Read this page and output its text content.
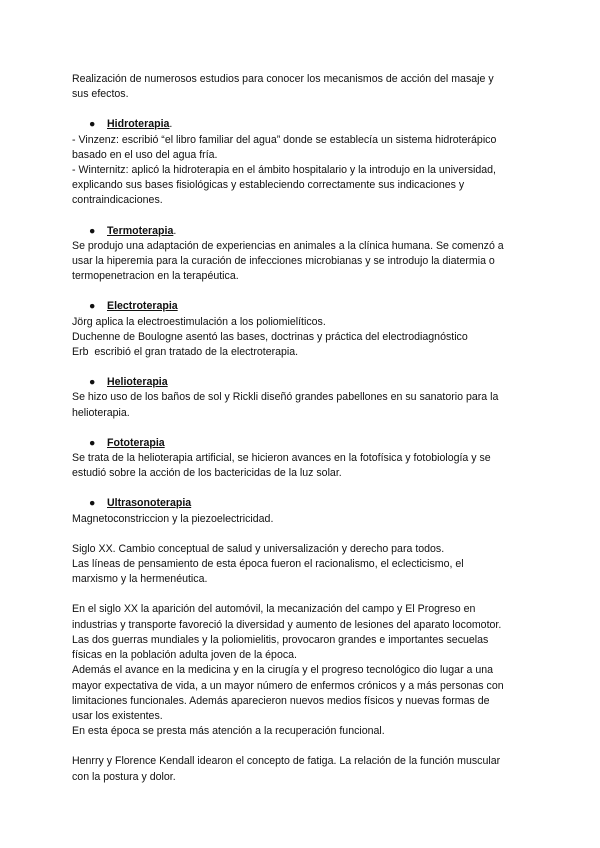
Realización de numerosos estudios para conocer los mecanismos de acción del masaje y
sus efectos.

● Hidroterapia.
- Vinzenz: escribió “el libro familiar del agua” donde se establecía un sistema hidroterápico
basado en el uso del agua fría.
- Winternitz: aplicó la hidroterapia en el ámbito hospitalario y la introdujo en la universidad,
explicando sus bases fisiológicas y estableciendo correctamente sus indicaciones y
contraindicaciones.
● Termoterapia.
Se produjo una adaptación de experiencias en animales a la clínica humana. Se comenzó a
usar la hiperemia para la curación de infecciones microbianas y se introdujo la diatermia o
termopenetracion en la terapéutica.
● Electroterapia
Jörg aplica la electroestimulación a los poliomielíticos.
Duchenne de Boulogne asentó las bases, doctrinas y práctica del electrodiagnóstico
Erb  escribió el gran tratado de la electroterapia.
● Helioterapia
Se hizo uso de los baños de sol y Rickli diseñó grandes pabellones en su sanatorio para la
helioterapia.
● Fototerapia
Se trata de la helioterapia artificial, se hicieron avances en la fotofísica y fotobiología y se
estudió sobre la acción de los bactericidas de la luz solar.
● Ultrasonoterapia
Magnetoconstriccion y la piezoelectricidad.

Siglo XX. Cambio conceptual de salud y universalización y derecho para todos.
Las líneas de pensamiento de esta época fueron el racionalismo, el eclecticismo, el
marxismo y la hermenéutica.

En el siglo XX la aparición del automóvil, la mecanización del campo y El Progreso en
industrias y transporte favoreció la diversidad y aumento de lesiones del aparato locomotor.
Las dos guerras mundiales y la poliomielitis, provocaron grandes e importantes secuelas
físicas en la población adulta joven de la época.
Además el avance en la medicina y en la cirugía y el progreso tecnológico dio lugar a una
mayor expectativa de vida, a un mayor número de enfermos crónicos y a más personas con
limitaciones funcionales. Además aparecieron nuevos medios físicos y nuevas formas de
usar los existentes.
En esta época se presta más atención a la recuperación funcional.

Henrry y Florence Kendall idearon el concepto de fatiga. La relación de la función muscular
con la postura y dolor.
